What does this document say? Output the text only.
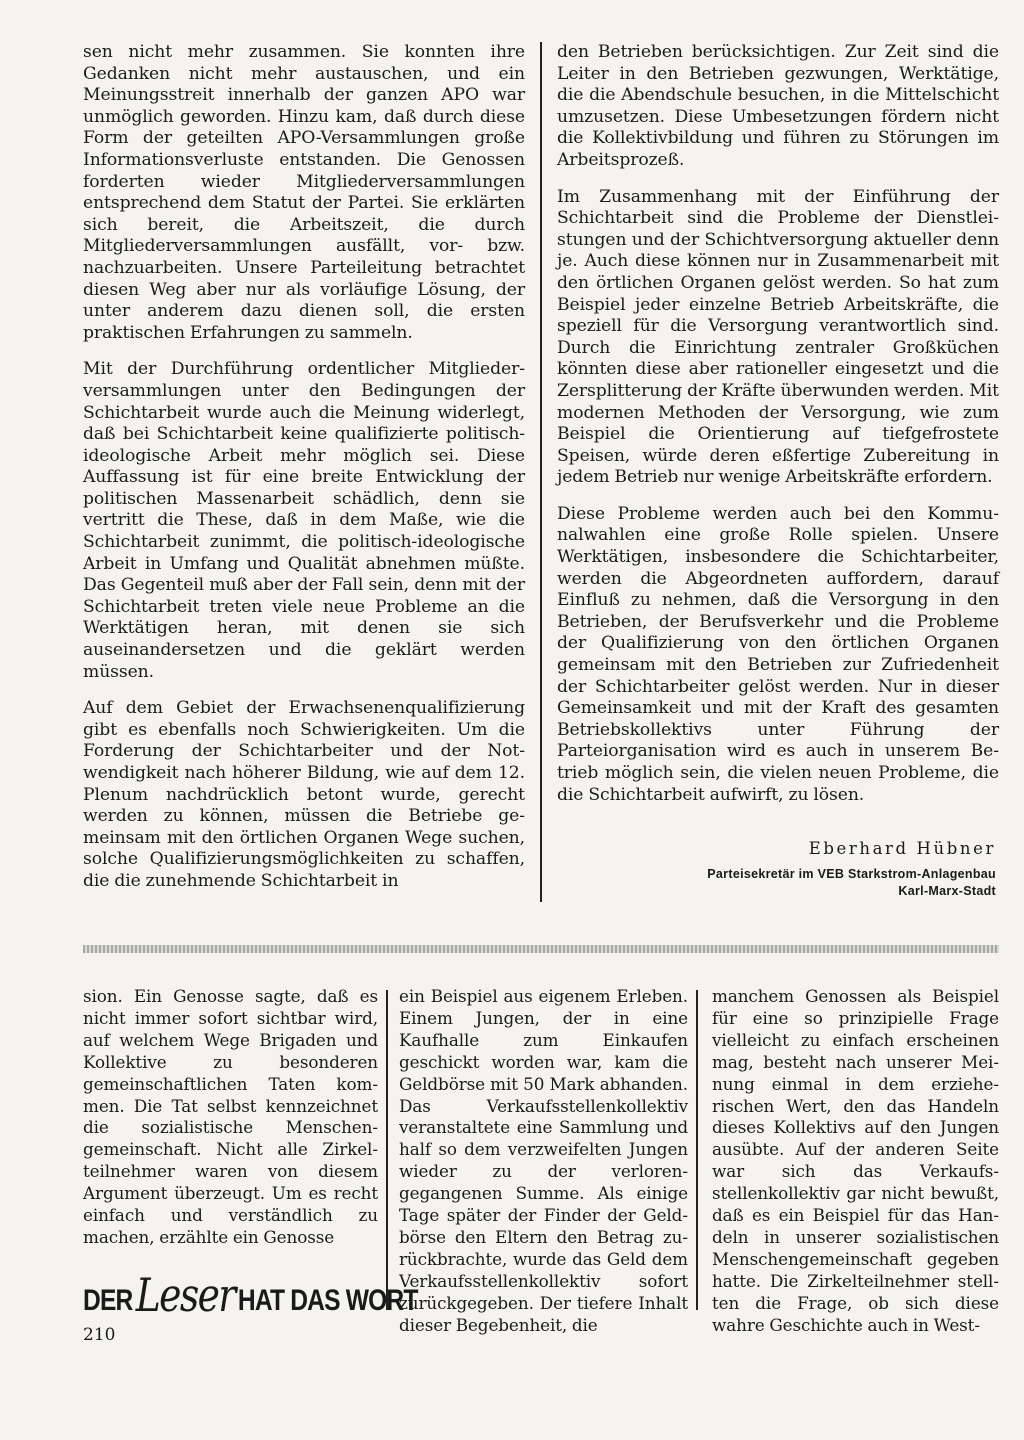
sen nicht mehr zusammen. Sie konnten ihre Gedanken nicht mehr austauschen, und ein Meinungsstreit innerhalb der ganzen APO war unmöglich geworden. Hinzu kam, daß durch diese Form der geteilten APO-Versammlungen große Informationsverluste entstanden. Die Genossen forderten wieder Mitgliederversammlungen entsprechend dem Statut der Partei. Sie erklärten sich bereit, die Arbeitszeit, die durch Mitgliederversammlungen ausfällt, vor- bzw. nachzuarbeiten. Unsere Parteileitung betrachtet diesen Weg aber nur als vorläufige Lösung, der unter anderem dazu dienen soll, die ersten praktischen Erfahrungen zu sammeln.

Mit der Durchführung ordentlicher Mitgliederversammlungen unter den Bedingungen der Schichtarbeit wurde auch die Meinung widerlegt, daß bei Schichtarbeit keine qualifizierte politisch-ideologische Arbeit mehr möglich sei. Diese Auffassung ist für eine breite Entwicklung der politischen Massenarbeit schädlich, denn sie vertritt die These, daß in dem Maße, wie die Schichtarbeit zunimmt, die politisch-ideologische Arbeit in Umfang und Qualität abnehmen müßte. Das Gegenteil muß aber der Fall sein, denn mit der Schichtarbeit treten viele neue Probleme an die Werktätigen heran, mit denen sie sich auseinandersetzen und die geklärt werden müssen.

Auf dem Gebiet der Erwachsenenqualifizierung gibt es ebenfalls noch Schwierigkeiten. Um die Forderung der Schichtarbeiter und der Notwendigkeit nach höherer Bildung, wie auf dem 12. Plenum nachdrücklich betont wurde, gerecht werden zu können, müssen die Betriebe gemeinsam mit den örtlichen Organen Wege suchen, solche Qualifizierungsmöglichkeiten zu schaffen, die die zunehmende Schichtarbeit in

den Betrieben berücksichtigen. Zur Zeit sind die Leiter in den Betrieben gezwungen, Werktätige, die die Abendschule besuchen, in die Mittelschicht umzusetzen. Diese Umbesetzungen fördern nicht die Kollektivbildung und führen zu Störungen im Arbeitsprozeß.

Im Zusammenhang mit der Einführung der Schichtarbeit sind die Probleme der Dienstleistungen und der Schichtversorgung aktueller denn je. Auch diese können nur in Zusammenarbeit mit den örtlichen Organen gelöst werden. So hat zum Beispiel jeder einzelne Betrieb Arbeitskräfte, die speziell für die Versorgung verantwortlich sind. Durch die Einrichtung zentraler Großküchen könnten diese aber rationeller eingesetzt und die Zersplitterung der Kräfte überwunden werden. Mit modernen Methoden der Versorgung, wie zum Beispiel die Orientierung auf tiefgefrostete Speisen, würde deren eßfertige Zubereitung in jedem Betrieb nur wenige Arbeitskräfte erfordern.

Diese Probleme werden auch bei den Kommunalwahlen eine große Rolle spielen. Unsere Werktätigen, insbesondere die Schichtarbeiter, werden die Abgeordneten auffordern, darauf Einfluß zu nehmen, daß die Versorgung in den Betrieben, der Berufsverkehr und die Probleme der Qualifizierung von den örtlichen Organen gemeinsam mit den Betrieben zur Zufriedenheit der Schichtarbeiter gelöst werden. Nur in dieser Gemeinsamkeit und mit der Kraft des gesamten Betriebskollektivs unter Führung der Parteiorganisation wird es auch in unserem Betrieb möglich sein, die vielen neuen Probleme, die die Schichtarbeit aufwirft, zu lösen.

Eberhard Hübner
Parteisekretär im VEB Starkstrom-Anlagenbau
Karl-Marx-Stadt

sion. Ein Genosse sagte, daß es nicht immer sofort sichtbar wird, auf welchem Wege Brigaden und Kollektive zu besonderen gemeinschaftlichen Taten kommen. Die Tat selbst kennzeichnet die sozialistische Menschengemeinschaft. Nicht alle Zirkelteilnehmer waren von diesem Argument überzeugt. Um es recht einfach und verständlich zu machen, erzählte ein Genosse

ein Beispiel aus eigenem Erleben. Einem Jungen, der in eine Kaufhalle zum Einkaufen geschickt worden war, kam die Geldbörse mit 50 Mark abhanden. Das Verkaufsstellenkollektiv veranstaltete eine Sammlung und half so dem verzweifelten Jungen wieder zu der verlorengegangenen Summe. Als einige Tage später der Finder der Geldbörse den Eltern den Betrag zurückbrachte, wurde das Geld dem Verkaufsstellenkollektiv sofort zurückgegeben. Der tiefere Inhalt dieser Begebenheit, die

manchem Genossen als Beispiel für eine so prinzipielle Frage vielleicht zu einfach erscheinen mag, besteht nach unserer Meinung einmal in dem erzieherischen Wert, den das Handeln dieses Kollektivs auf den Jungen ausübte. Auf der anderen Seite war sich das Verkaufsstellenkollektiv gar nicht bewußt, daß es ein Beispiel für das Handeln in unserer sozialistischen Menschengemeinschaft gegeben hatte. Die Zirkelteilnehmer stellten die Frage, ob sich diese wahre Geschichte auch in West-

DER Leser HAT DAS WORT
210
